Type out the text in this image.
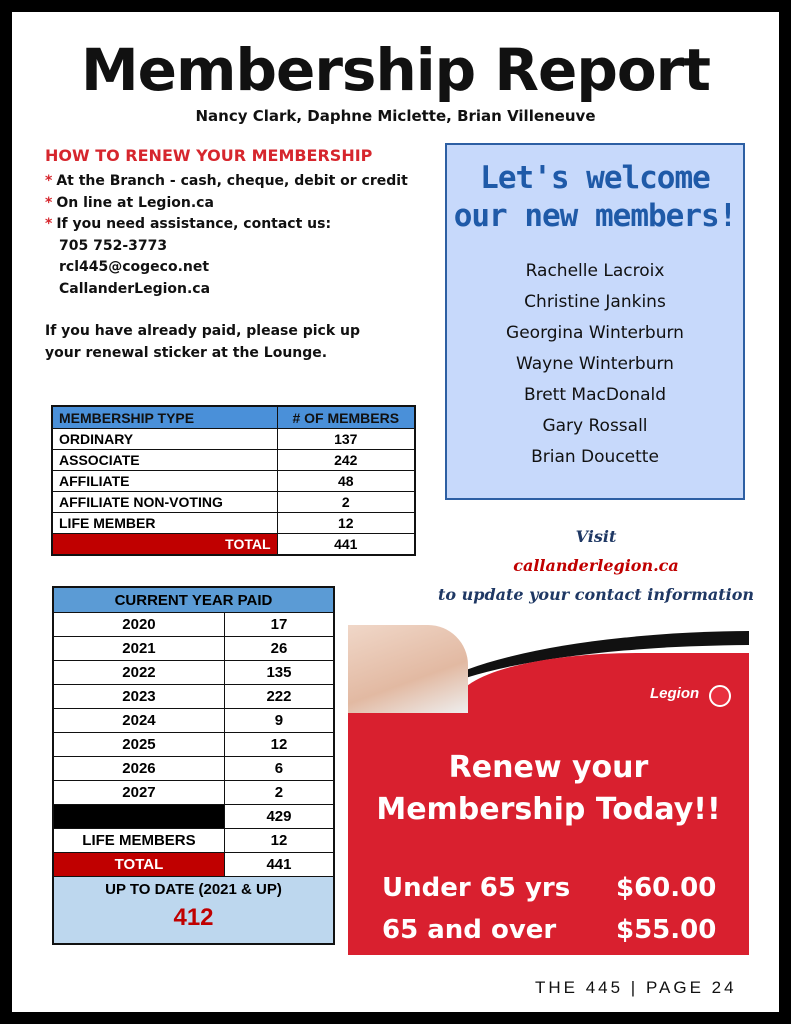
Membership Report
Nancy Clark, Daphne Miclette, Brian Villeneuve
HOW TO RENEW YOUR MEMBERSHIP
* At the Branch - cash, cheque, debit or credit
* On line at Legion.ca
* If you need assistance, contact us:
705 752-3773
rcl445@cogeco.net
CallanderLegion.ca
If you have already paid, please pick up your renewal sticker at the Lounge.
Let's welcome
our new members!
Rachelle Lacroix
Christine Jankins
Georgina Winterburn
Wayne Winterburn
Brett MacDonald
Gary Rossall
Brian Doucette
MEMBERSHIP TYPE	# OF MEMBERS
ORDINARY	137
ASSOCIATE	242
AFFILIATE	48
AFFILIATE NON-VOTING	2
LIFE MEMBER	12
TOTAL	441
CURRENT YEAR PAID	
2020	17
2021	26
2022	135
2023	222
2024	9
2025	12
2026	6
2027	2
	429
LIFE MEMBERS	12
TOTAL	441
UP TO DATE (2021 & UP)
412	
Visit
callanderlegion.ca
to update your contact information
Legion
Renew your
Membership Today!!
Under 65 yrs $60.00
65 and over $55.00
THE 445 | PAGE 24
